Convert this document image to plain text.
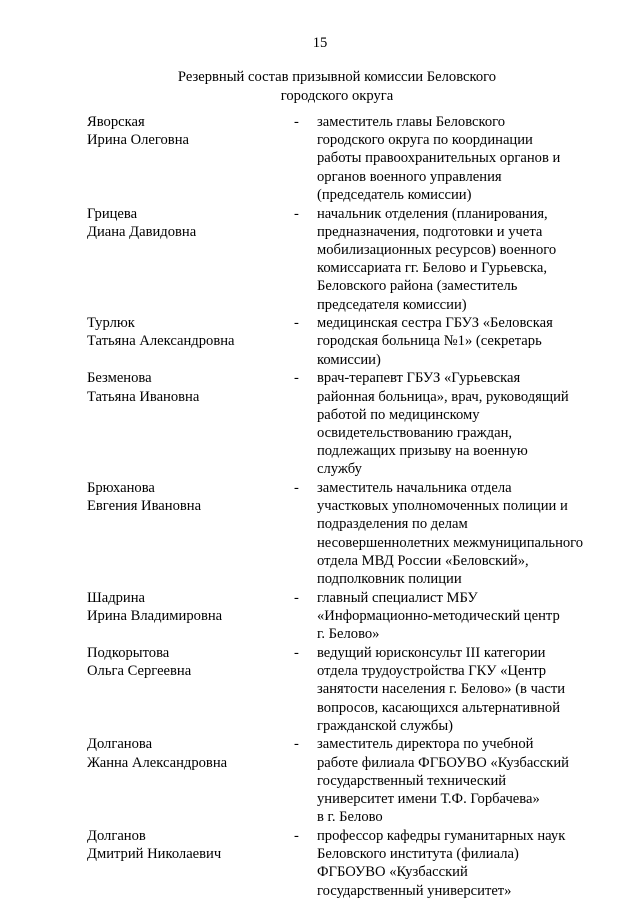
15
Резервный состав призывной комиссии Беловского
городского округа
Яворская
Ирина Олеговна
-	заместитель главы Беловского
городского округа по координации
работы правоохранительных органов и
органов военного управления
(председатель комиссии)
Грицева
Диана Давидовна
-	начальник отделения (планирования,
предназначения, подготовки и учета
мобилизационных ресурсов) военного
комиссариата гг. Белово и Гурьевска,
Беловского района (заместитель
председателя комиссии)
Турлюк
Татьяна Александровна
-	медицинская сестра ГБУЗ «Беловская
городская больница №1» (секретарь
комиссии)
Безменова
Татьяна Ивановна
-	врач-терапевт ГБУЗ «Гурьевская
районная больница», врач, руководящий
работой по медицинскому
освидетельствованию граждан,
подлежащих призыву на военную
службу
Брюханова
Евгения Ивановна
-	заместитель начальника отдела
участковых уполномоченных полиции и
подразделения по делам
несовершеннолетних межмуниципального
отдела МВД России «Беловский»,
подполковник полиции
Шадрина
Ирина Владимировна
-	главный специалист МБУ
«Информационно-методический центр
г. Белово»
Подкорытова
Ольга Сергеевна
-	ведущий юрисконсульт III категории
отдела трудоустройства ГКУ «Центр
занятости населения г. Белово» (в части
вопросов, касающихся альтернативной
гражданской службы)
Долганова
Жанна Александровна
-	заместитель директора по учебной
работе филиала ФГБОУВО «Кузбасский
государственный технический
университет имени Т.Ф. Горбачева»
в г. Белово
Долганов
Дмитрий Николаевич
-	профессор кафедры гуманитарных наук
Беловского института (филиала)
ФГБОУВО «Кузбасский
государственный университет»
